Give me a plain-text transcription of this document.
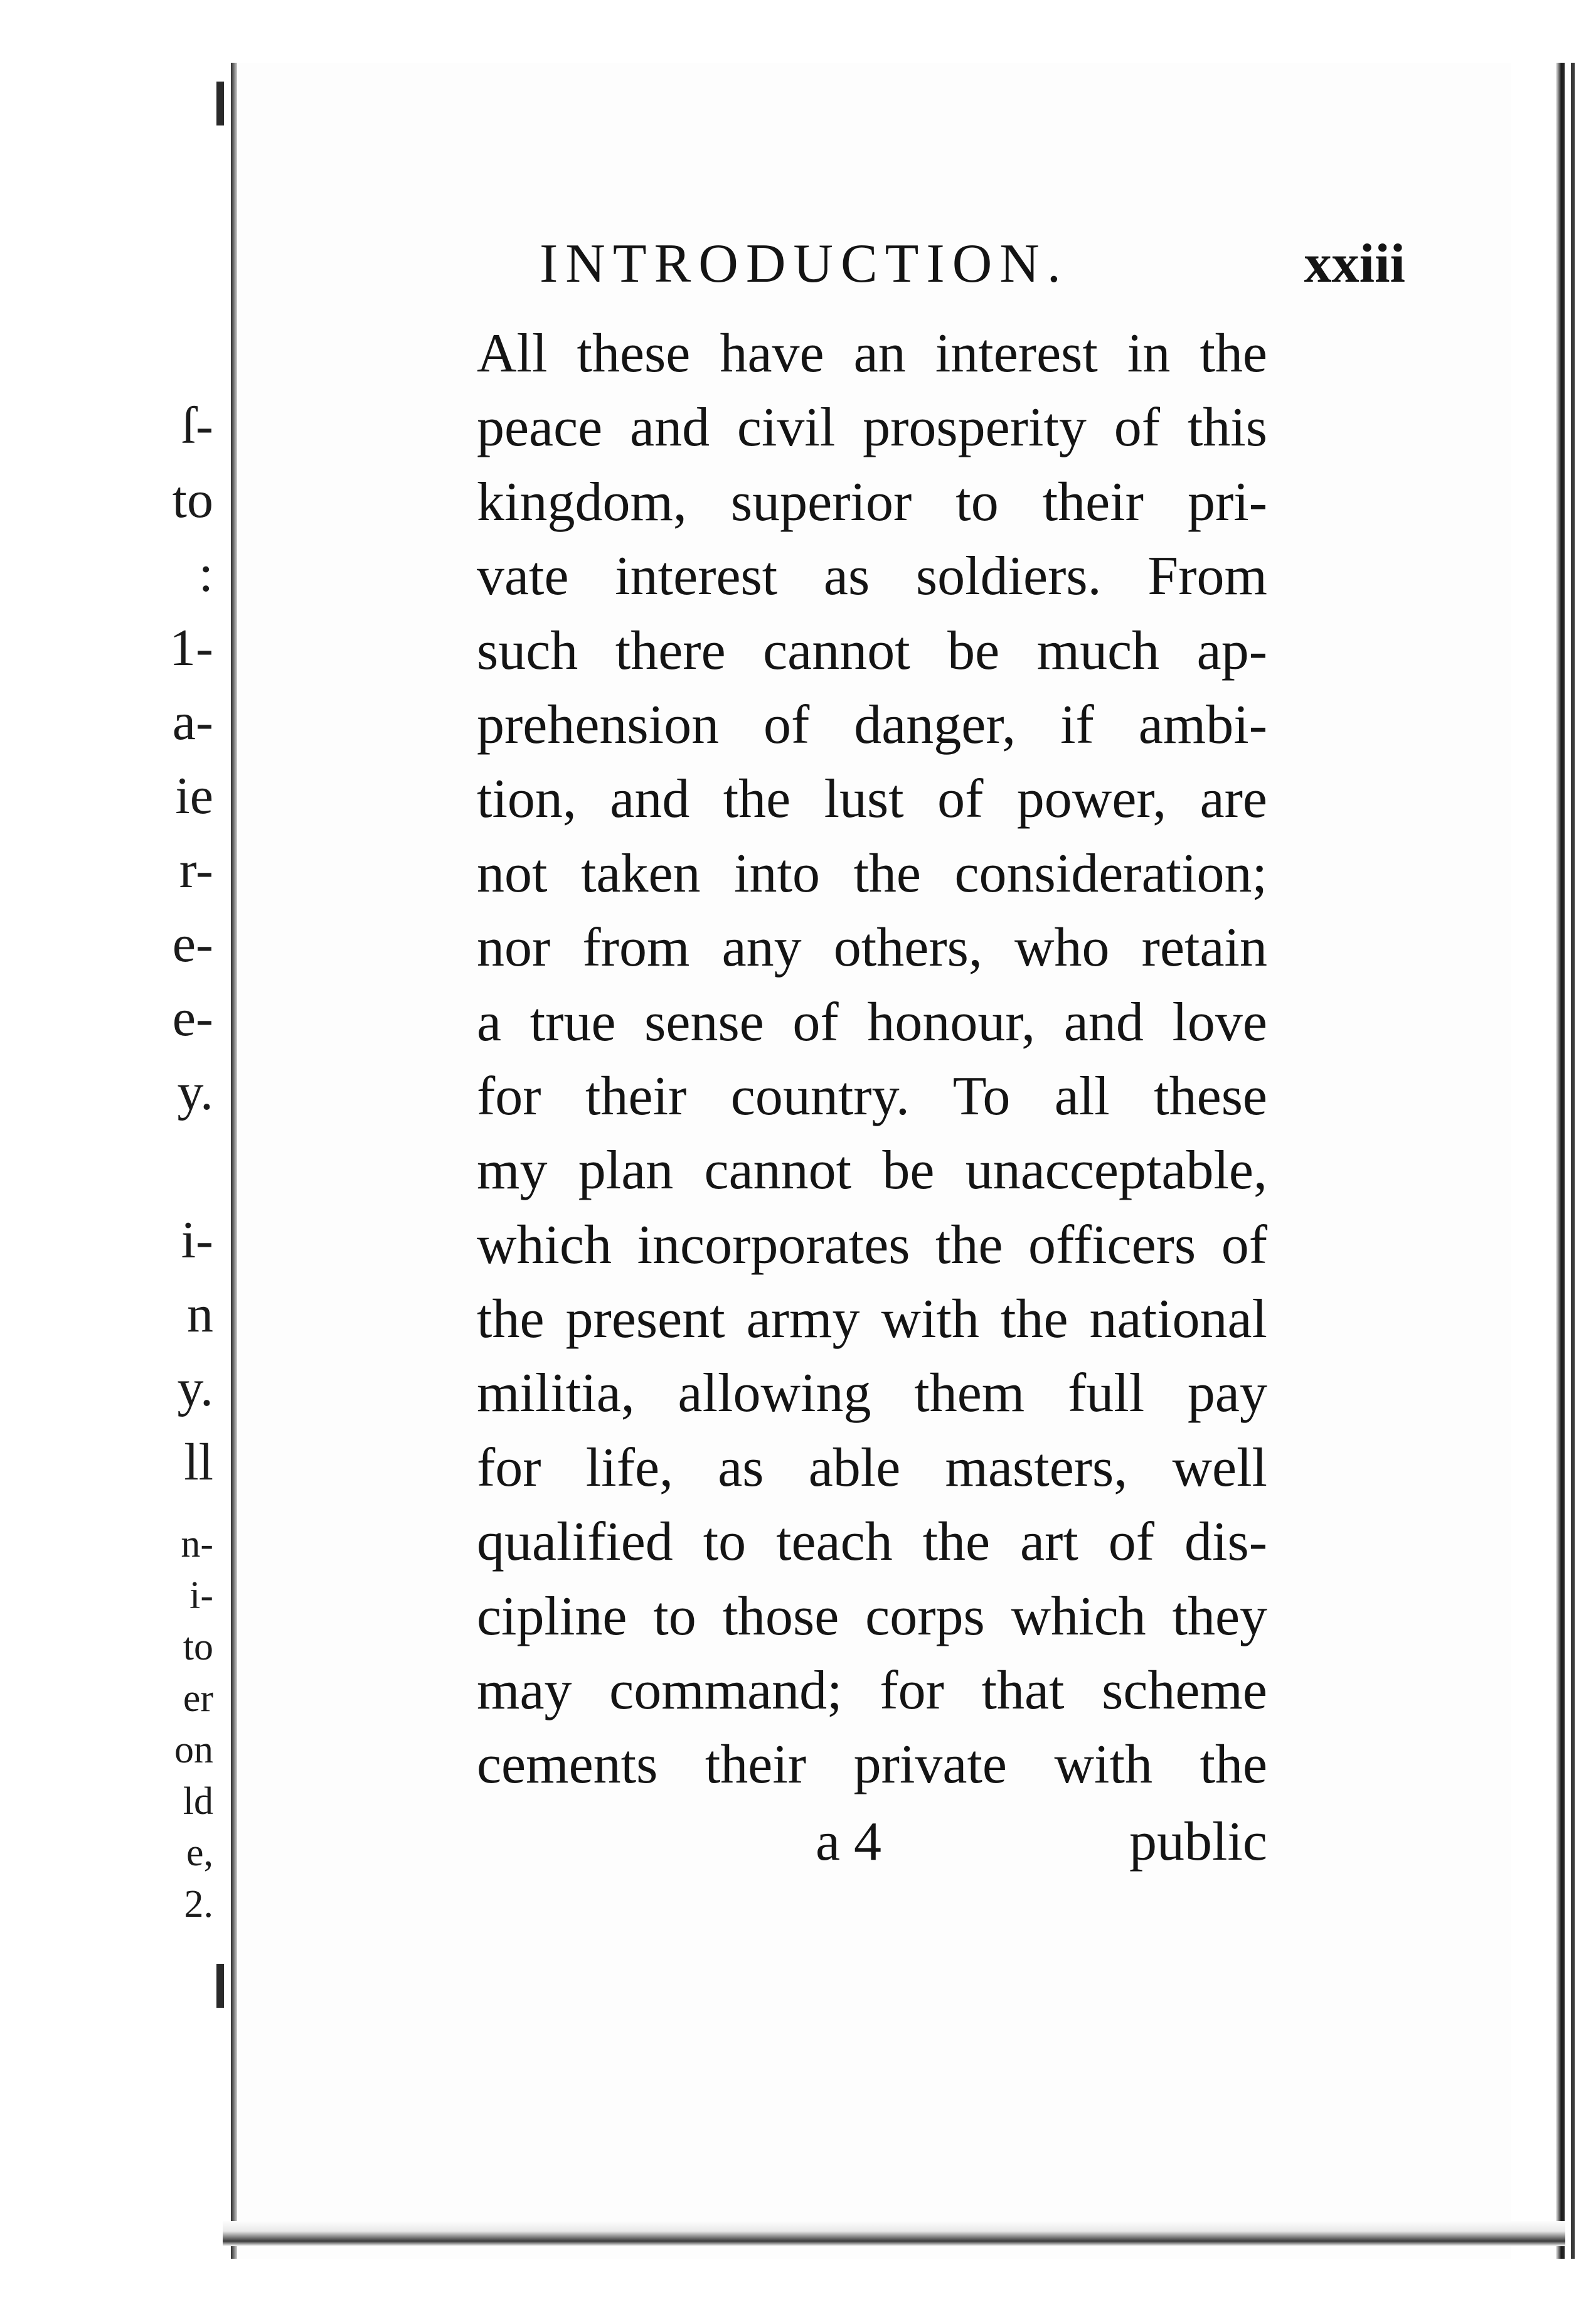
ſ-
to
:
1-
a-
ie
r-
e-
e-
y.
i-
n
y.
ll
n-
i-
to
er
on
ld
e,
2.
INTRODUCTION.	xxiii
All these have an interest in the
peace and civil prosperity of this
kingdom, superior to their pri-
vate interest as soldiers. From
such there cannot be much ap-
prehension of danger, if ambi-
tion, and the lust of power, are
not taken into the consideration;
nor from any others, who retain
a true sense of honour, and love
for their country. To all these
my plan cannot be unacceptable,
which incorporates the officers of
the present army with the national
militia, allowing them full pay
for life, as able masters, well
qualified to teach the art of dis-
cipline to those corps which they
may command; for that scheme
cements their private with the
a 4	public
